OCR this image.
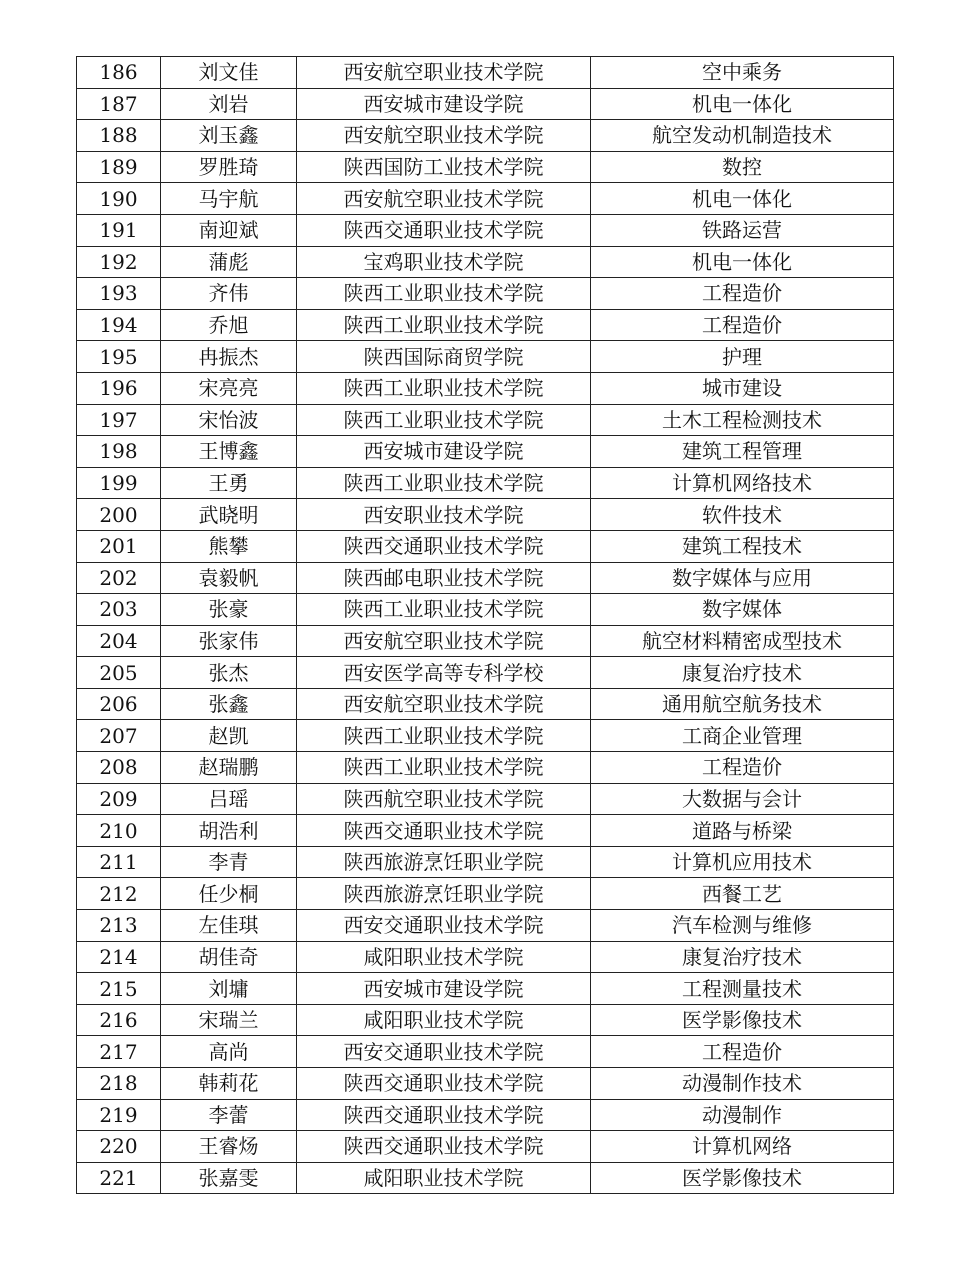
186	刘文佳	西安航空职业技术学院	空中乘务
187	刘岩	西安城市建设学院	机电一体化
188	刘玉鑫	西安航空职业技术学院	航空发动机制造技术
189	罗胜琦	陕西国防工业技术学院	数控
190	马宇航	西安航空职业技术学院	机电一体化
191	南迎斌	陕西交通职业技术学院	铁路运营
192	蒲彪	宝鸡职业技术学院	机电一体化
193	齐伟	陕西工业职业技术学院	工程造价
194	乔旭	陕西工业职业技术学院	工程造价
195	冉振杰	陕西国际商贸学院	护理
196	宋亮亮	陕西工业职业技术学院	城市建设
197	宋怡波	陕西工业职业技术学院	土木工程检测技术
198	王博鑫	西安城市建设学院	建筑工程管理
199	王勇	陕西工业职业技术学院	计算机网络技术
200	武晓明	西安职业技术学院	软件技术
201	熊攀	陕西交通职业技术学院	建筑工程技术
202	袁毅帆	陕西邮电职业技术学院	数字媒体与应用
203	张豪	陕西工业职业技术学院	数字媒体
204	张家伟	西安航空职业技术学院	航空材料精密成型技术
205	张杰	西安医学高等专科学校	康复治疗技术
206	张鑫	西安航空职业技术学院	通用航空航务技术
207	赵凯	陕西工业职业技术学院	工商企业管理
208	赵瑞鹏	陕西工业职业技术学院	工程造价
209	吕瑶	陕西航空职业技术学院	大数据与会计
210	胡浩利	陕西交通职业技术学院	道路与桥梁
211	李青	陕西旅游烹饪职业学院	计算机应用技术
212	任少桐	陕西旅游烹饪职业学院	西餐工艺
213	左佳琪	西安交通职业技术学院	汽车检测与维修
214	胡佳奇	咸阳职业技术学院	康复治疗技术
215	刘墉	西安城市建设学院	工程测量技术
216	宋瑞兰	咸阳职业技术学院	医学影像技术
217	高尚	西安交通职业技术学院	工程造价
218	韩莉花	陕西交通职业技术学院	动漫制作技术
219	李蕾	陕西交通职业技术学院	动漫制作
220	王睿炀	陕西交通职业技术学院	计算机网络
221	张嘉雯	咸阳职业技术学院	医学影像技术
